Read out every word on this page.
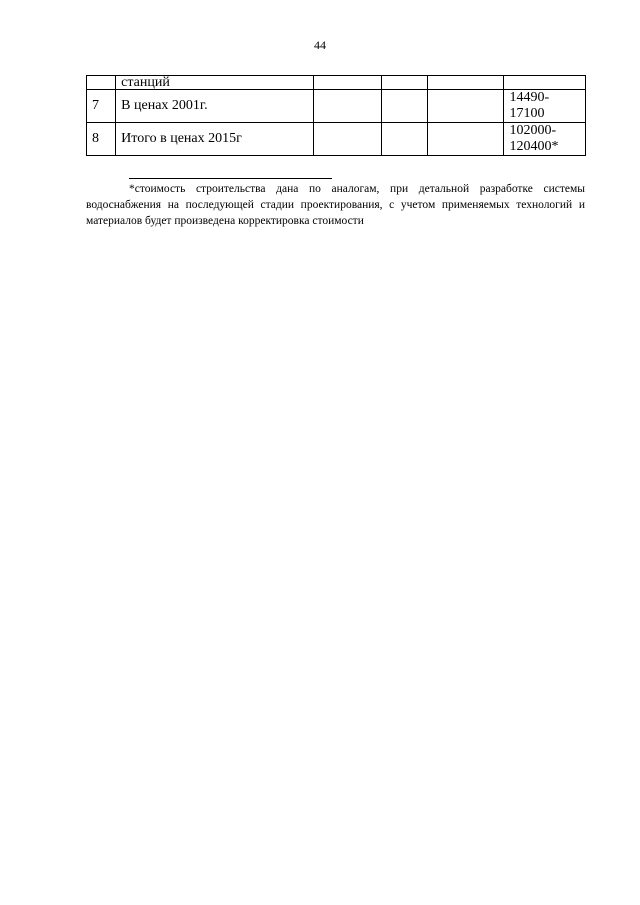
44
	станций				
7	В ценах 2001г.				14490-
17100

8	Итого в ценах 2015г				102000-
120400*
*стоимость строительства дана по аналогам, при детальной разработке системы водоснабжения на последующей стадии проектирования, с учетом применяемых технологий и материалов будет произведена корректировка стоимости
